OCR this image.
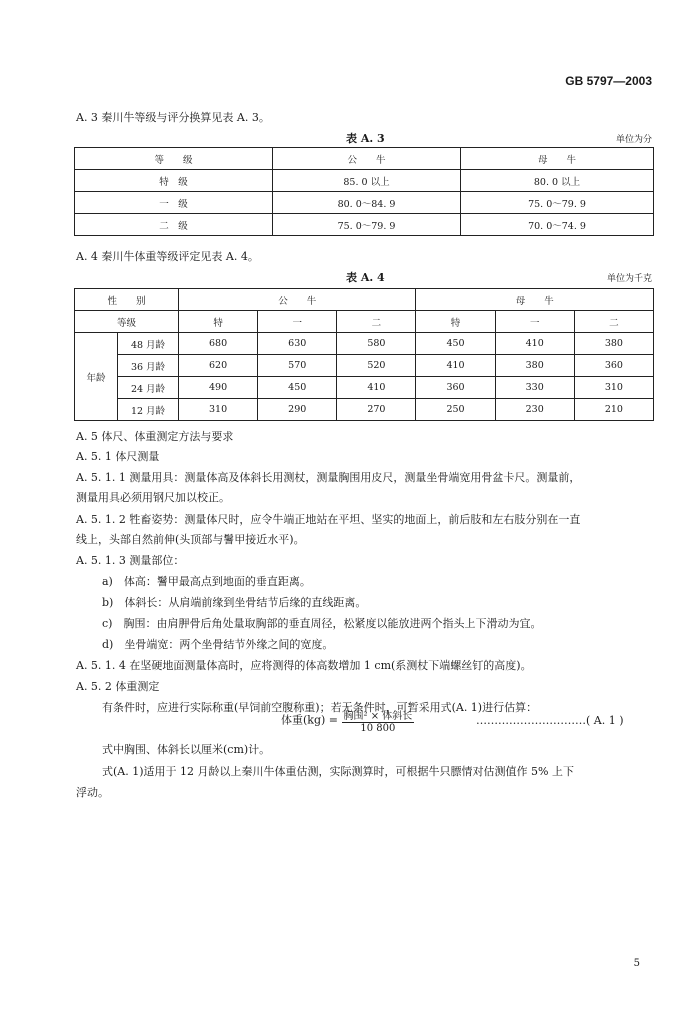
GB 5797—2003
A. 3 秦川牛等级与评分换算见表 A. 3。
表 A. 3	单位为分
等　　级	公　　牛	母　　牛
特　级	85. 0 以上	80. 0 以上
一　级	80. 0～84. 9	75. 0～79. 9
二　级	75. 0～79. 9	70. 0～74. 9
A. 4 秦川牛体重等级评定见表 A. 4。
表 A. 4	单位为千克
性　　别		公　　牛			母　　牛		
等级		特	一	二	特	一	二
年龄	48 月龄	680	630	580	450	410	380
	36 月龄	620	570	520	410	380	360
	24 月龄	490	450	410	360	330	310
	12 月龄	310	290	270	250	230	210
A. 5 体尺、体重测定方法与要求
A. 5. 1 体尺测量
A. 5. 1. 1 测量用具：测量体高及体斜长用测杖，测量胸围用皮尺，测量坐骨端宽用骨盆卡尺。测量前，
测量用具必须用钢尺加以校正。
A. 5. 1. 2 牲畜姿势：测量体尺时，应令牛端正地站在平坦、坚实的地面上，前后肢和左右肢分别在一直
线上，头部自然前伸(头顶部与鬐甲接近水平)。
A. 5. 1. 3 测量部位：
a)　体高：鬐甲最高点到地面的垂直距离。
b)　体斜长：从肩端前缘到坐骨结节后缘的直线距离。
c)　胸围：由肩胛骨后角处量取胸部的垂直周径，松紧度以能放进两个指头上下滑动为宜。
d)　坐骨端宽：两个坐骨结节外缘之间的宽度。
A. 5. 1. 4 在坚硬地面测量体高时，应将测得的体高数增加 1 cm(系测杖下端螺丝钉的高度)。
A. 5. 2 体重测定
有条件时，应进行实际称重(早饲前空腹称重)；若无条件时，可暂采用式(A. 1)进行估算：
体重$(kg) = \frac{\text{胸围² × 体斜长}}{10 800}$	…………………………( A. 1 )
式中胸围、体斜长以厘米(cm)计。
式(A. 1)适用于 12 月龄以上秦川牛体重估测，实际测算时，可根据牛只膘情对估测值作 5% 上下
浮动。
5
